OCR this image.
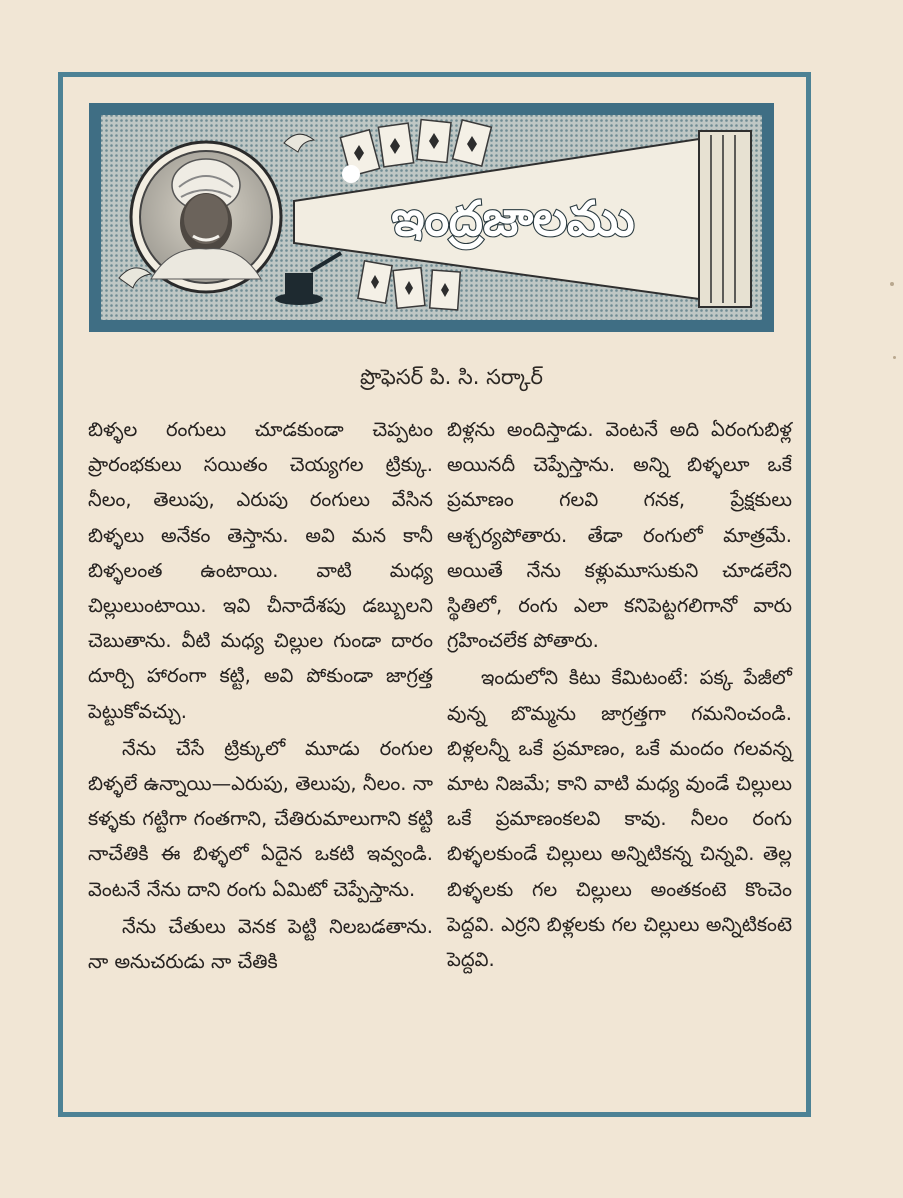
ఇంద్రజాలము
ప్రొఫెసర్ పి. సి. సర్కార్

బిళ్ళల రంగులు చూడకుండా చెప్పటం ప్రారంభకులు సయితం చెయ్యగల ట్రిక్కు. నీలం, తెలుపు, ఎరుపు రంగులు వేసిన బిళ్ళలు అనేకం తెస్తాను. అవి మన కానీ బిళ్ళలంత ఉంటాయి. వాటి మధ్య చిల్లులుంటాయి. ఇవి చీనాదేశపు డబ్బులని చెబుతాను. వీటి మధ్య చిల్లుల గుండా దారం దూర్చి హారంగా కట్టి, అవి పోకుండా జాగ్రత్త పెట్టుకోవచ్చు.

నేను చేసే ట్రిక్కులో మూడు రంగుల బిళ్ళలే ఉన్నాయి—ఎరుపు, తెలుపు, నీలం. నా కళ్ళకు గట్టిగా గంతగాని, చేతిరుమాలుగాని కట్టి నాచేతికి ఈ బిళ్ళలో ఏదైన ఒకటి ఇవ్వండి. వెంటనే నేను దాని రంగు ఏమిటో చెప్పేస్తాను.

నేను చేతులు వెనక పెట్టి నిలబడతాను. నా అనుచరుడు నా చేతికి

బిళ్లను అందిస్తాడు. వెంటనే అది ఏరంగుబిళ్ల అయినదీ చెప్పేస్తాను. అన్ని బిళ్ళలూ ఒకే ప్రమాణం గలవి గనక, ప్రేక్షకులు ఆశ్చర్యపోతారు. తేడా రంగులో మాత్రమే. అయితే నేను కళ్లుమూసుకుని చూడలేని స్థితిలో, రంగు ఎలా కనిపెట్టగలిగానో వారు గ్రహించలేక పోతారు.

ఇందులోని కిటు కేమిటంటే: పక్క పేజీలో వున్న బొమ్మను జాగ్రత్తగా గమనించండి. బిళ్లలన్నీ ఒకే ప్రమాణం, ఒకే మందం గలవన్న మాట నిజమే; కాని వాటి మధ్య వుండే చిల్లులు ఒకే ప్రమాణంకలవి కావు. నీలం రంగు బిళ్ళలకుండే చిల్లులు అన్నిటికన్న చిన్నవి. తెల్ల బిళ్ళలకు గల చిల్లులు అంతకంటె కొంచెం పెద్దవి. ఎర్రని బిళ్లలకు గల చిల్లులు అన్నిటికంటె పెద్దవి.
